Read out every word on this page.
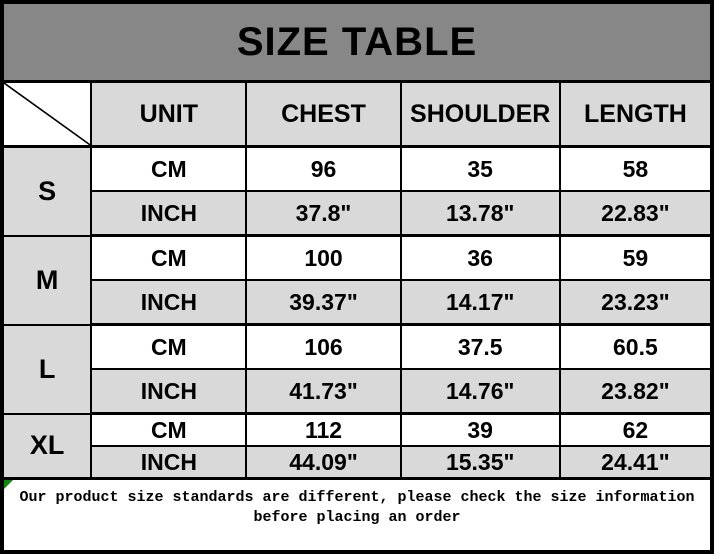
SIZE TABLE				

	UNIT	CHEST	SHOULDER	LENGTH
S	CM	96	35	58
	INCH	37.8"	13.78"	22.83"
M	CM	100	36	59
	INCH	39.37"	14.17"	23.23"
L	CM	106	37.5	60.5
	INCH	41.73"	14.76"	23.82"
XL	CM	112	39	62
	INCH	44.09"	15.35"	24.41"

Our product size standards are different, please check the size information
before placing an order				
